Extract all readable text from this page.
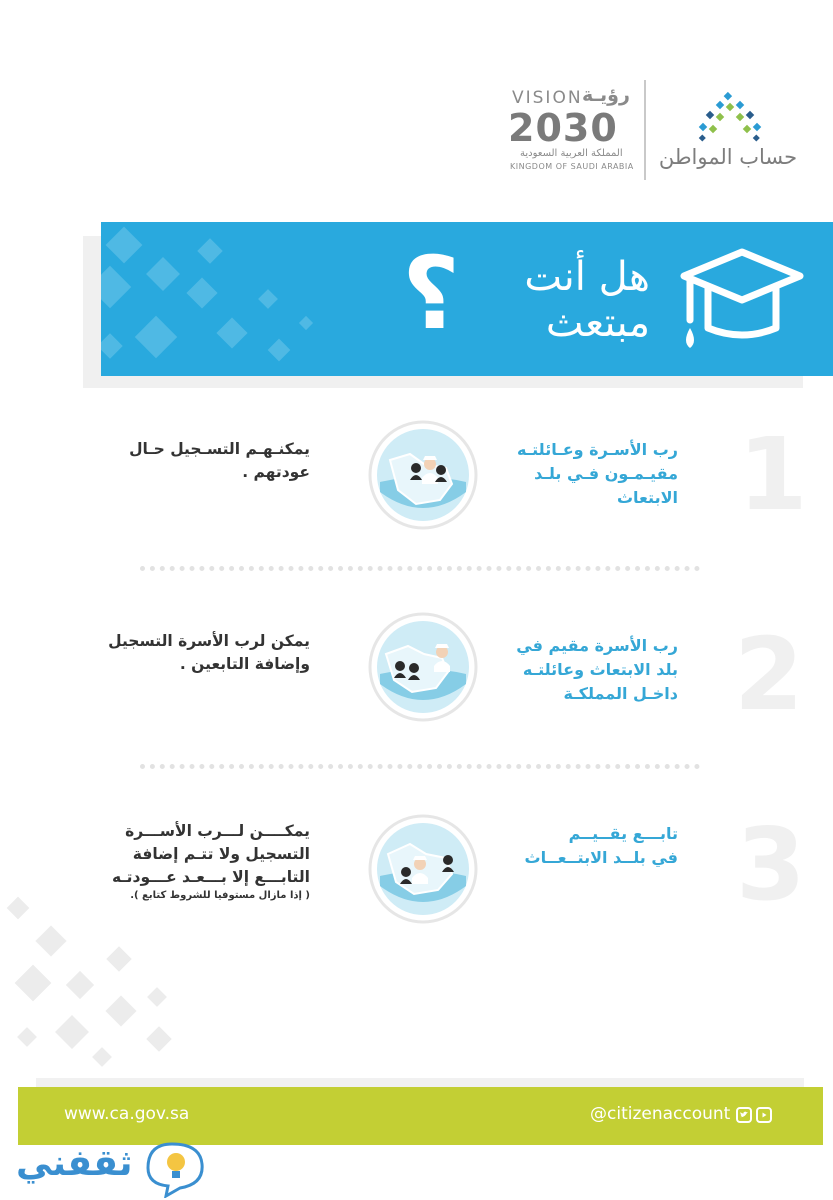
حساب المواطن
VISION رؤيـة
2030
المملكة العربية السعودية
KINGDOM OF SAUDI ARABIA
هل أنت
مبتعث
؟
1
رب الأسـرة وعـائلتـه
مقيـمـون فـي بلـد
الابتعاث
يمكنـهـم التسـجيل حـال
عودتهم .
2
رب الأسرة مقيم في
بلد الابتعاث وعائلتـه
داخـل المملكـة
يمكن لرب الأسرة التسجيل
وإضافة التابعين .
3
تابـــع يقــيــم
في بلــد الابتــعــاث
يمكــــن لـــرب الأســـرة
التسجيل ولا تتـم إضافة
التابـــع إلا بـــعـد عـــودتـه
( إذا مازال مستوفيا للشروط كتابع ).
www.ca.gov.sa	@citizenaccount
ثقفني
